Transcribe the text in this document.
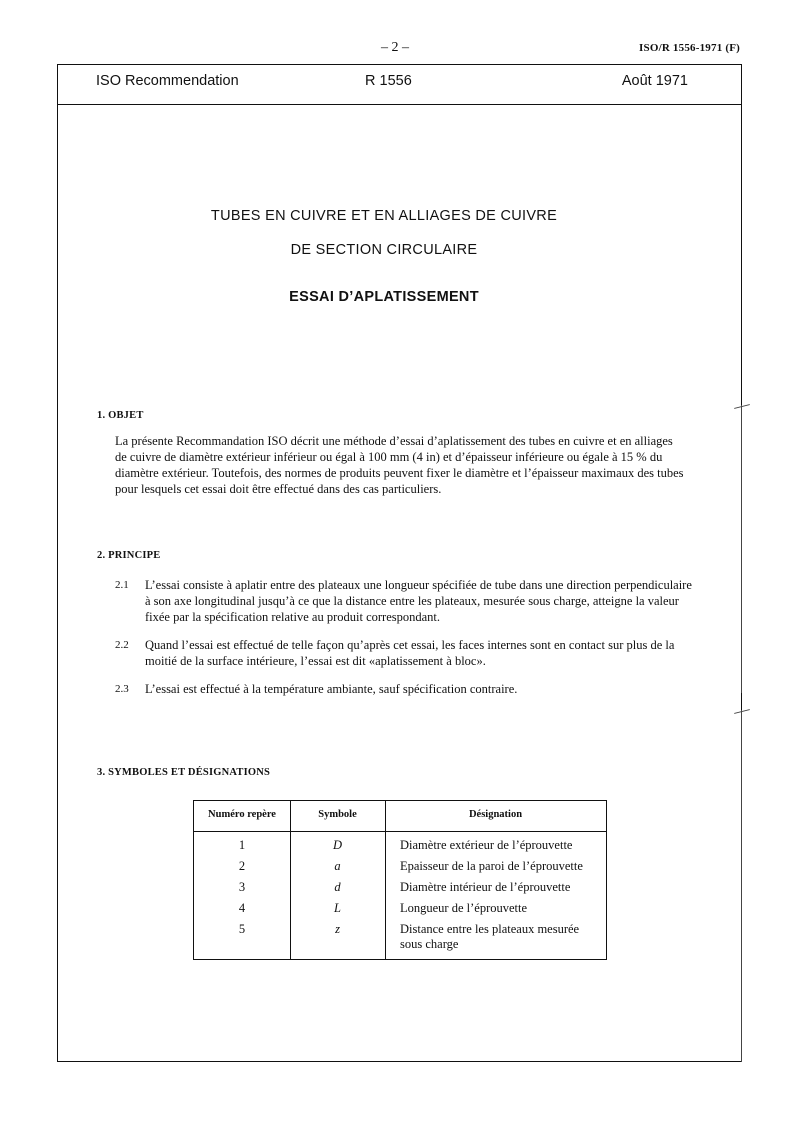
– 2 –	ISO/R 1556-1971 (F)
ISO Recommendation	R 1556	Août 1971
TUBES EN CUIVRE ET EN ALLIAGES DE CUIVRE
DE SECTION CIRCULAIRE
ESSAI D’APLATISSEMENT
1. OBJET
La présente Recommandation ISO décrit une méthode d’essai d’aplatissement des tubes en cuivre et en alliages
de cuivre de diamètre extérieur inférieur ou égal à 100 mm (4 in) et d’épaisseur inférieure ou égale à 15 % du
diamètre extérieur. Toutefois, des normes de produits peuvent fixer le diamètre et l’épaisseur maximaux des tubes
pour lesquels cet essai doit être effectué dans des cas particuliers.
2. PRINCIPE
2.1 L’essai consiste à aplatir entre des plateaux une longueur spécifiée de tube dans une direction perpendiculaire
à son axe longitudinal jusqu’à ce que la distance entre les plateaux, mesurée sous charge, atteigne la valeur
fixée par la spécification relative au produit correspondant.
2.2 Quand l’essai est effectué de telle façon qu’après cet essai, les faces internes sont en contact sur plus de la
moitié de la surface intérieure, l’essai est dit «aplatissement à bloc».
2.3 L’essai est effectué à la température ambiante, sauf spécification contraire.
3. SYMBOLES ET DÉSIGNATIONS
Numéro repère	Symbole	Désignation
1	D	Diamètre extérieur de l’éprouvette
2	a	Epaisseur de la paroi de l’éprouvette
3	d	Diamètre intérieur de l’éprouvette
4	L	Longueur de l’éprouvette
5	z	Distance entre les plateaux mesurée sous charge
